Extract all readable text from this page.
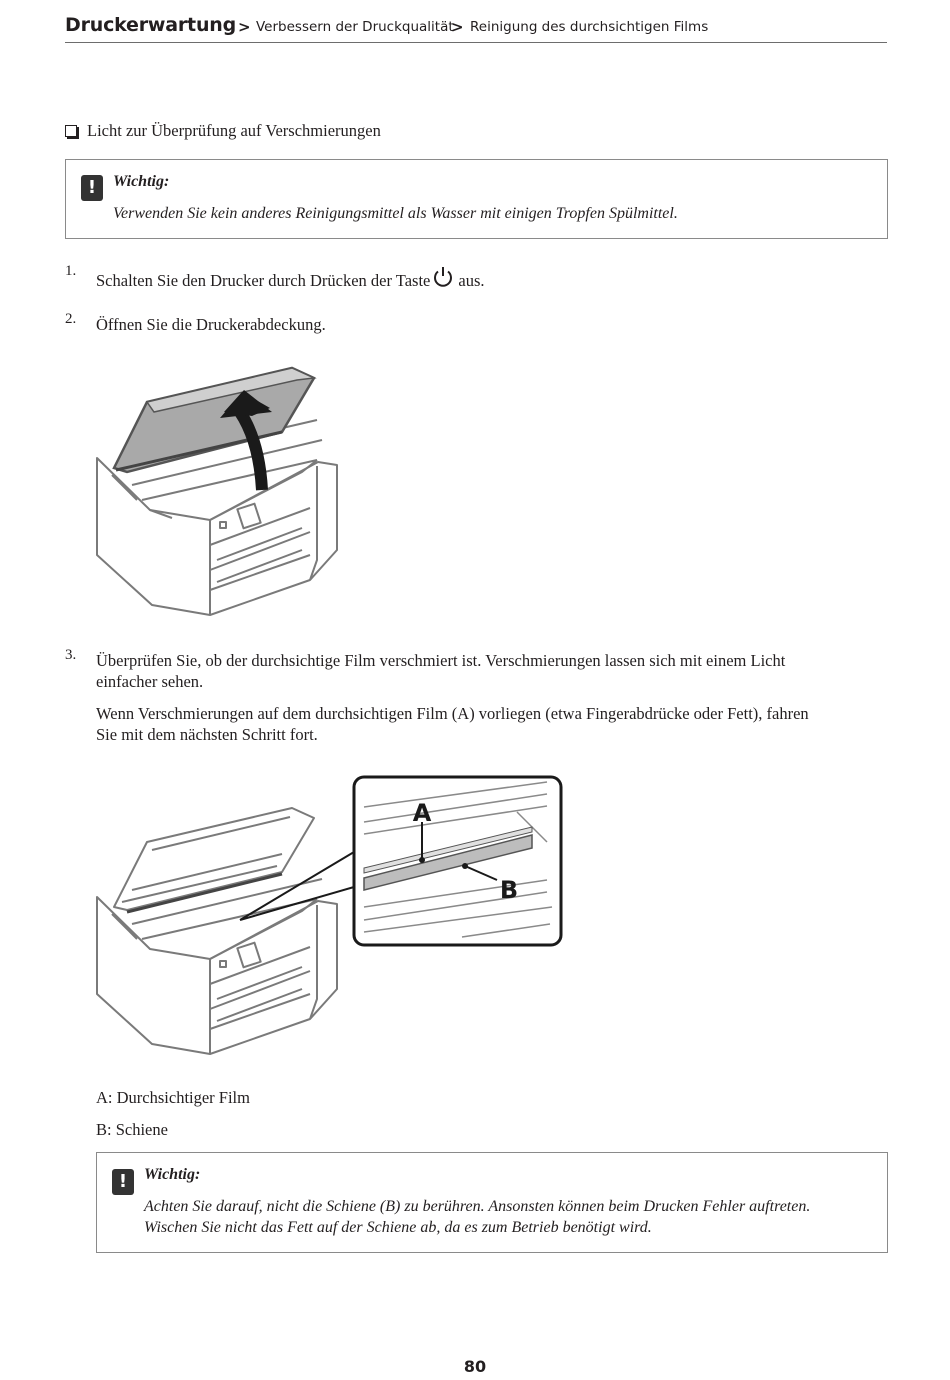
Druckerwartung > Verbessern der Druckqualität
> Reinigung des durchsichtigen Films
Licht zur Überprüfung auf Verschmierungen
!	Wichtig:
Verwenden Sie kein anderes Reinigungsmittel als Wasser mit einigen Tropfen Spülmittel.
1. Schalten Sie den Drucker durch Drücken der Taste aus.
2. Öffnen Sie die Druckerabdeckung.
3. Überprüfen Sie, ob der durchsichtige Film verschmiert ist. Verschmierungen lassen sich mit einem Licht
einfacher sehen.
Wenn Verschmierungen auf dem durchsichtigen Film (A) vorliegen (etwa Fingerabdrücke oder Fett), fahren
Sie mit dem nächsten Schritt fort.
A
B
A: Durchsichtiger Film
B: Schiene
!	Wichtig:
Achten Sie darauf, nicht die Schiene (B) zu berühren. Ansonsten können beim Drucken Fehler auftreten.
Wischen Sie nicht das Fett auf der Schiene ab, da es zum Betrieb benötigt wird.
80
